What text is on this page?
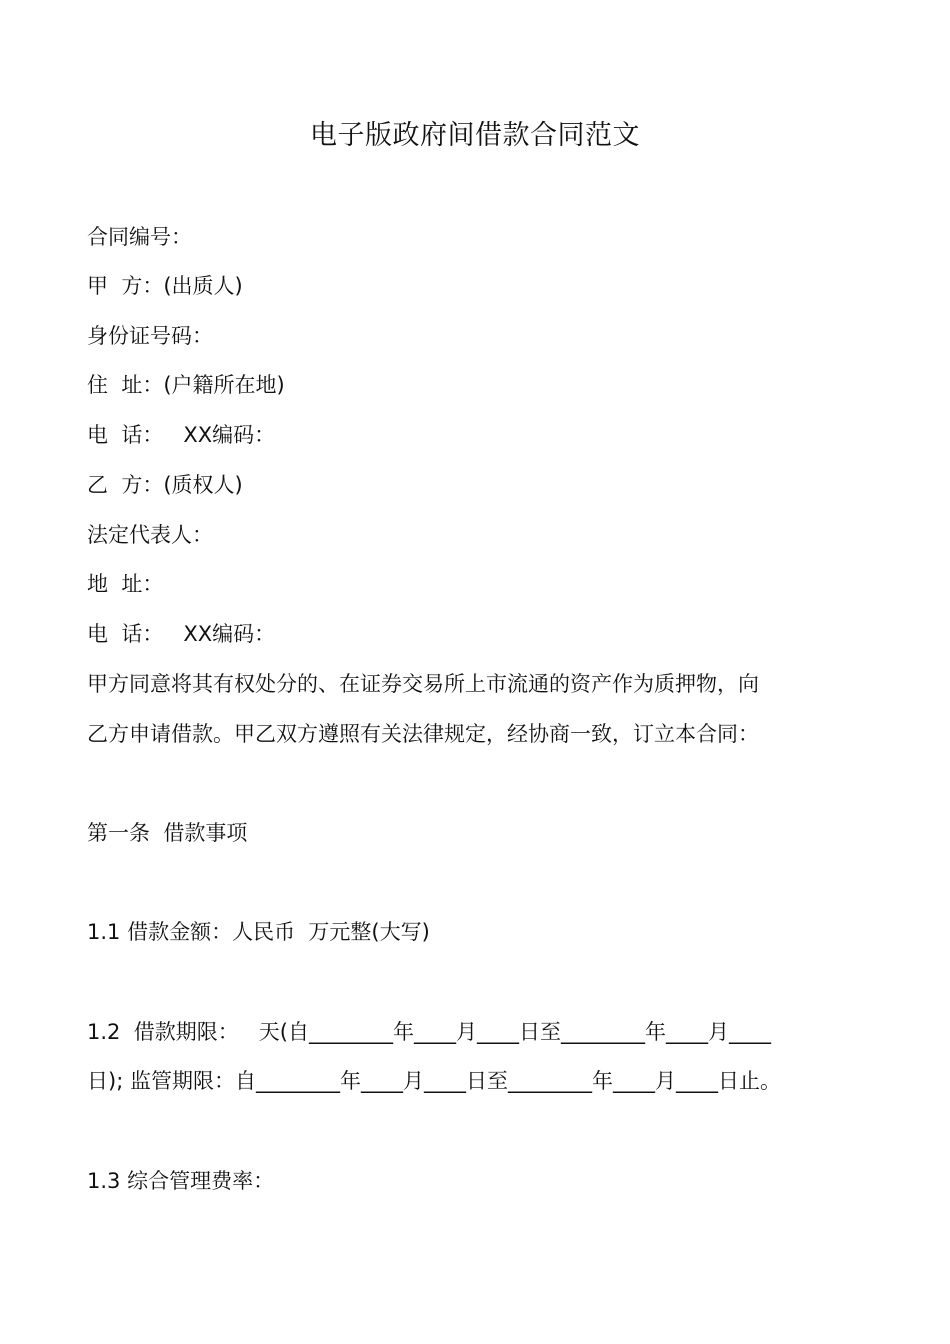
电子版政府间借款合同范文
合同编号：
甲  方：(出质人)
身份证号码：
住  址：(户籍所在地)
电  话：   XX编码：
乙  方：(质权人)
法定代表人：
地  址：
电  话：   XX编码：
甲方同意将其有权处分的、在证券交易所上市流通的资产作为质押物，向
乙方申请借款。甲乙双方遵照有关法律规定，经协商一致，订立本合同：
第一条  借款事项
1.1 借款金额：人民币  万元整(大写)
1.2  借款期限：   天(自________年____月____日至________年____月____
日); 监管期限：自________年____月____日至________年____月____日止。
1.3 综合管理费率：
